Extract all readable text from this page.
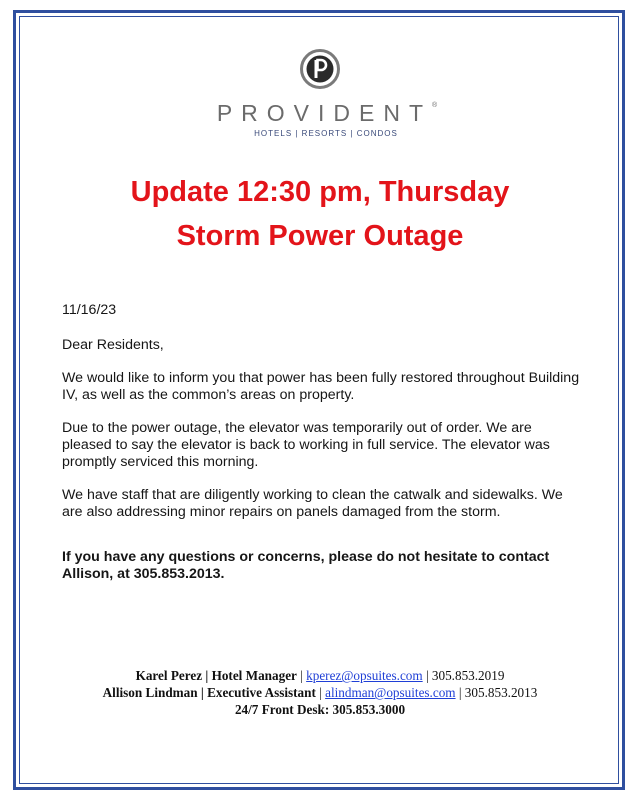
PROVIDENT®
HOTELS | RESORTS | CONDOS
Update 12:30 pm, Thursday
Storm Power Outage

11/16/23

Dear Residents,

We would like to inform you that power has been fully restored throughout Building IV, as well as the common’s areas on property.

Due to the power outage, the elevator was temporarily out of order. We are pleased to say the elevator is back to working in full service. The elevator was promptly serviced this morning.

We have staff that are diligently working to clean the catwalk and sidewalks. We are also addressing minor repairs on panels damaged from the storm.

If you have any questions or concerns, please do not hesitate to contact Allison, at 305.853.2013.

Karel Perez | Hotel Manager | kperez@opsuites.com | 305.853.2019
Allison Lindman | Executive Assistant | alindman@opsuites.com | 305.853.2013
24/7 Front Desk: 305.853.3000
